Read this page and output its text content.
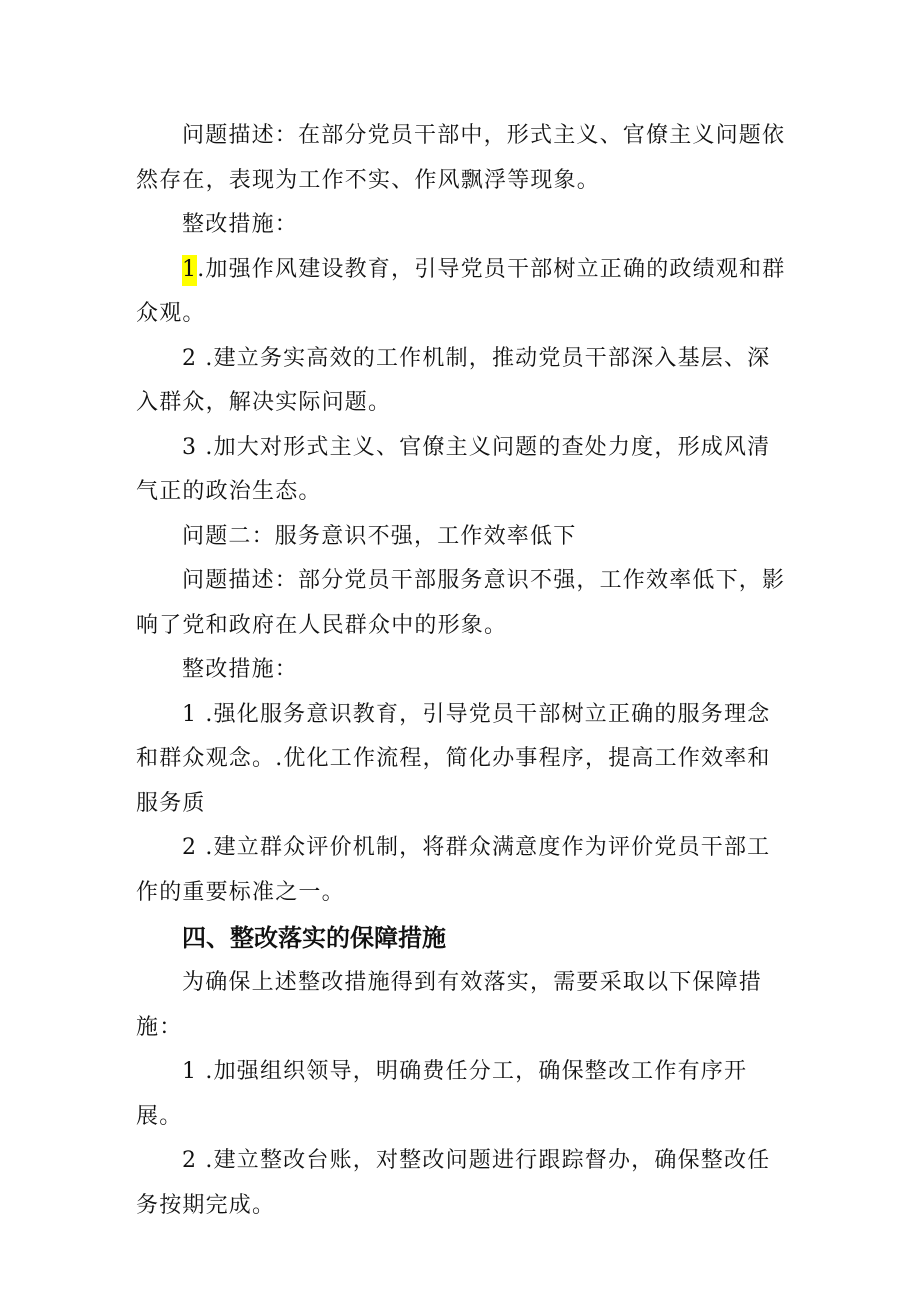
问题描述：在部分党员干部中，形式主义、官僚主义问题依然存在，表现为工作不实、作风飘浮等现象。

整改措施：

1.加强作风建设教育，引导党员干部树立正确的政绩观和群众观。

2 .建立务实高效的工作机制，推动党员干部深入基层、深入群众，解决实际问题。

3 .加大对形式主义、官僚主义问题的查处力度，形成风清气正的政治生态。

问题二：服务意识不强，工作效率低下

问题描述：部分党员干部服务意识不强，工作效率低下，影响了党和政府在人民群众中的形象。

整改措施：

1 .强化服务意识教育，引导党员干部树立正确的服务理念和群众观念。.优化工作流程，简化办事程序，提高工作效率和服务质

2 .建立群众评价机制，将群众满意度作为评价党员干部工作的重要标准之一。

四、整改落实的保障措施

为确保上述整改措施得到有效落实，需要采取以下保障措施：

1 .加强组织领导，明确费任分工，确保整改工作有序开展。

2 .建立整改台账，对整改问题进行跟踪督办，确保整改任务按期完成。
